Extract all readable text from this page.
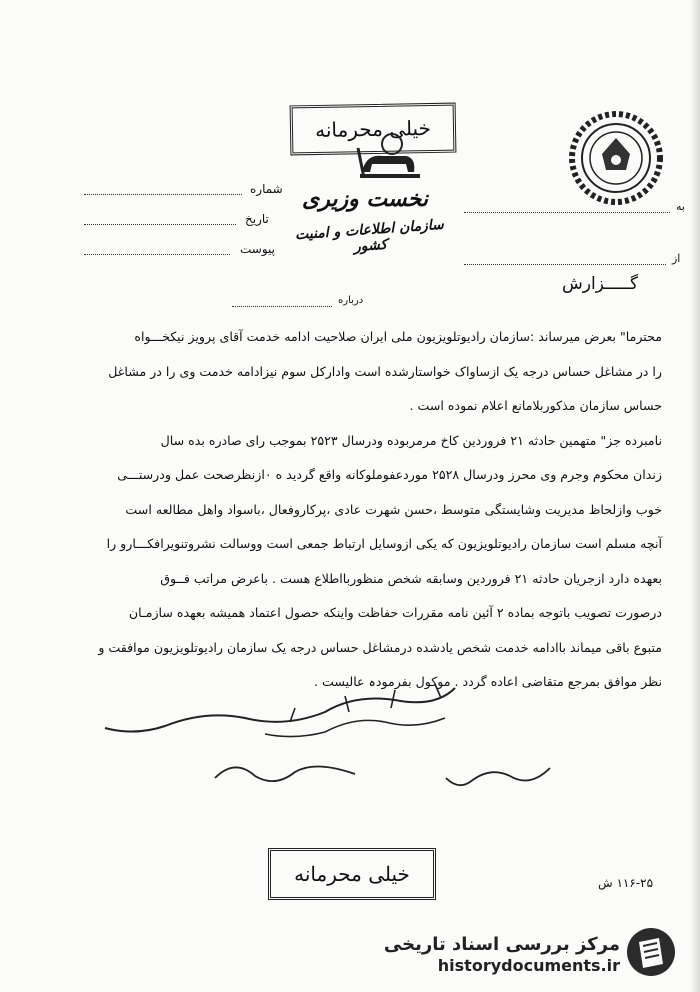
خیلی محرمانه
نخست وزیری
سازمان اطلاعات و امنیت کشور
شماره
تاریخ
پیوست
به
از
گـــــزارش
درباره

محترما" بعرض میرساند :سازمان رادیوتلویزیون ملی ایران صلاحیت ادامه خدمت آقای پرویز نیکخـــواه

را در مشاغل حساس درجه یک ازساواک خواستارشده است وادارکل سوم نیزادامه خدمت وی را در مشاغل

حساس سازمان مذکوربلامانع اعلام نموده است .

نامبرده جز" متهمین حادثه ۲۱ فروردین کاخ مرمربوده ودرسال ۲۵۲۳ بموجب رای صادره بده سال

زندان محکوم وجرم وی محرز ودرسال ۲۵۲۸ موردعفوملوکانه واقع گردید ه ۰ازنظرصحت عمل ودرستـــی

خوب وازلحاظ مدیریت وشایستگی متوسط ،حسن شهرت عادی ،پرکاروفعال ،باسواد واهل مطالعه است

آنچه مسلم است سازمان رادیوتلویزیون که یکی ازوسایل ارتباط جمعی است ووسالت نشروتنویرافکـــارو را

بعهده دارد ازجریان حادثه ۲۱ فروردین وسابقه شخص منظوربااطلاع هست . باعرض مراتب فــوق

درصورت تصویب باتوجه بماده ۲ آئین نامه مقررات حفاظت واینکه حصول اعتماد همیشه بعهده سازمـان

متبوع باقی میماند باادامه خدمت شخص یادشده درمشاغل حساس درجه یک سازمان رادیوتلویزیون موافقت و

نظر موافق بمرجع متقاضی اعاده گردد . موکول بفرمودہ عالیست .

خیلی محرمانه	۱۱۶-۲۵ ش
مرکز بررسی اسناد تاریخی
historydocuments.ir
